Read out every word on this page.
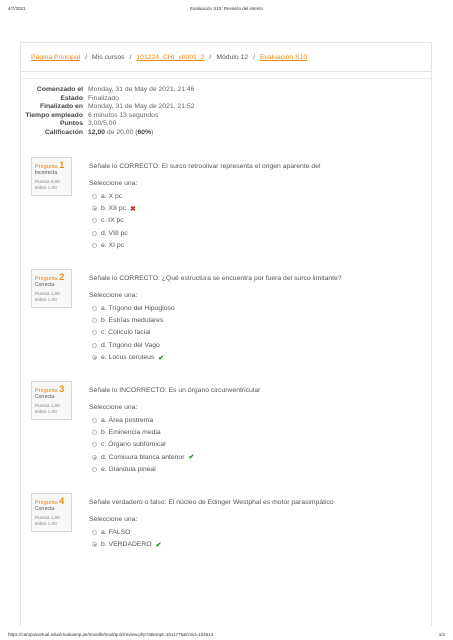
4/7/2021	Evaluación S10: Revisión del intento
Página Principal / Mis cursos / 101224_CHI_v0001_2 / Módulo 12 / Evaluación S10
Comenzado el Monday, 31 de May de 2021, 21:46
Estado Finalizado
Finalizado en Monday, 31 de May de 2021, 21:52
Tiempo empleado 6 minutos 13 segundos
Puntos 3,00/5,00
Calificación 12,00 de 20,00 (60%)
Pregunta 1
Incorrecta
Puntúa 0,00
sobre 1,00
Señale lo CORRECTO: El surco retroolivar representa el origen aparente del
Seleccione una:
a. X pc
b. XII pc ✖
c. IX pc
d. VIII pc
e. XI pc
Pregunta 2
Correcta
Puntúa 1,00
sobre 1,00
Señale lo CORRECTO: ¿Qué estructura se encuentra por fuera del surco limitante?
Seleccione una:
a. Trígono del Hipogloso
b. Estrías medulares
c. Colículo facial
d. Trígono del Vago
e. Locus ceruleus ✔
Pregunta 3
Correcta
Puntúa 1,00
sobre 1,00
Señale lo INCORRECTO: Es un órgano circunventricular
Seleccione una:
a. Área postrema
b. Eminencia media
c. Órgano subfornical
d. Comisura blanca anterior ✔
e. Glándula pineal
Pregunta 4
Correcta
Puntúa 1,00
sobre 1,00
Señale verdadero o falso: El núcleo de Edinger Westphal es motor parasimpático
Seleccione una:
a. FALSO
b. VERDADERO ✔
https://campusvirtual.eduvirtualuamp.pe/moodle/mod/quiz/review.php?attempt=1011775&cmid=104514	1/2
